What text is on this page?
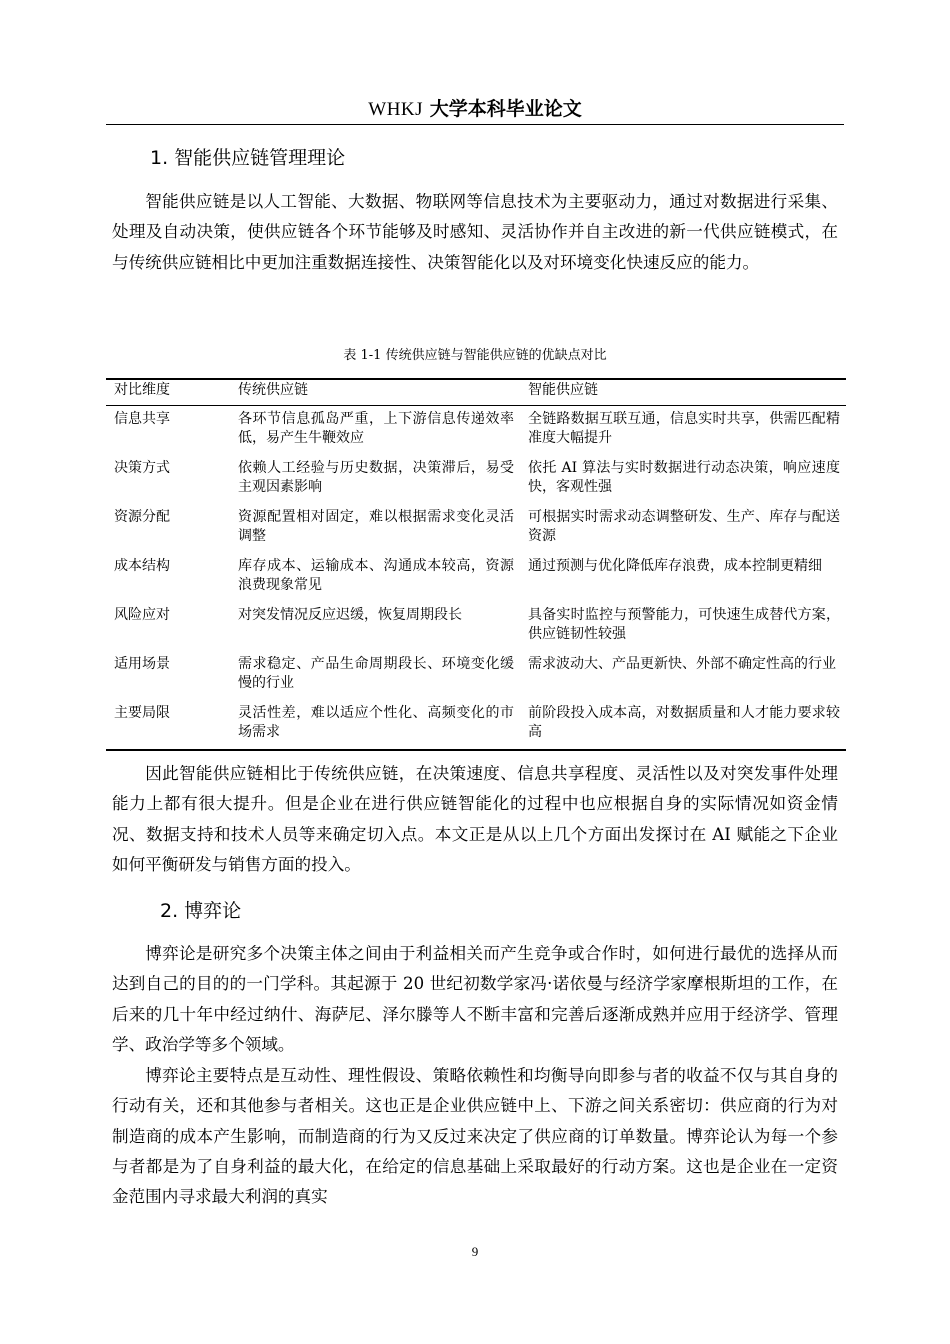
WHKJ 大学本科毕业论文
1. 智能供应链管理理论

智能供应链是以人工智能、大数据、物联网等信息技术为主要驱动力，通过对数据进行采集、处理及自动决策，使供应链各个环节能够及时感知、灵活协作并自主改进的新一代供应链模式，在与传统供应链相比中更加注重数据连接性、决策智能化以及对环境变化快速反应的能力。

表 1-1 传统供应链与智能供应链的优缺点对比
对比维度	传统供应链	智能供应链
信息共享	各环节信息孤岛严重，上下游信息传递效率低，易产生牛鞭效应	全链路数据互联互通，信息实时共享，供需匹配精准度大幅提升
决策方式	依赖人工经验与历史数据，决策滞后，易受主观因素影响	依托 AI 算法与实时数据进行动态决策，响应速度快，客观性强
资源分配	资源配置相对固定，难以根据需求变化灵活调整	可根据实时需求动态调整研发、生产、库存与配送资源
成本结构	库存成本、运输成本、沟通成本较高，资源浪费现象常见	通过预测与优化降低库存浪费，成本控制更精细
风险应对	对突发情况反应迟缓，恢复周期段长	具备实时监控与预警能力，可快速生成替代方案，供应链韧性较强
适用场景	需求稳定、产品生命周期段长、环境变化缓慢的行业	需求波动大、产品更新快、外部不确定性高的行业
主要局限	灵活性差，难以适应个性化、高频变化的市场需求	前阶段投入成本高，对数据质量和人才能力要求较高

因此智能供应链相比于传统供应链，在决策速度、信息共享程度、灵活性以及对突发事件处理能力上都有很大提升。但是企业在进行供应链智能化的过程中也应根据自身的实际情况如资金情况、数据支持和技术人员等来确定切入点。本文正是从以上几个方面出发探讨在 AI 赋能之下企业如何平衡研发与销售方面的投入。

2. 博弈论

博弈论是研究多个决策主体之间由于利益相关而产生竞争或合作时，如何进行最优的选择从而达到自己的目的的一门学科。其起源于 20 世纪初数学家冯·诺依曼与经济学家摩根斯坦的工作，在后来的几十年中经过纳什、海萨尼、泽尔滕等人不断丰富和完善后逐渐成熟并应用于经济学、管理学、政治学等多个领域。

博弈论主要特点是互动性、理性假设、策略依赖性和均衡导向即参与者的收益不仅与其自身的行动有关，还和其他参与者相关。这也正是企业供应链中上、下游之间关系密切：供应商的行为对制造商的成本产生影响，而制造商的行为又反过来决定了供应商的订单数量。博弈论认为每一个参与者都是为了自身利益的最大化，在给定的信息基础上采取最好的行动方案。这也是企业在一定资金范围内寻求最大利润的真实

9
